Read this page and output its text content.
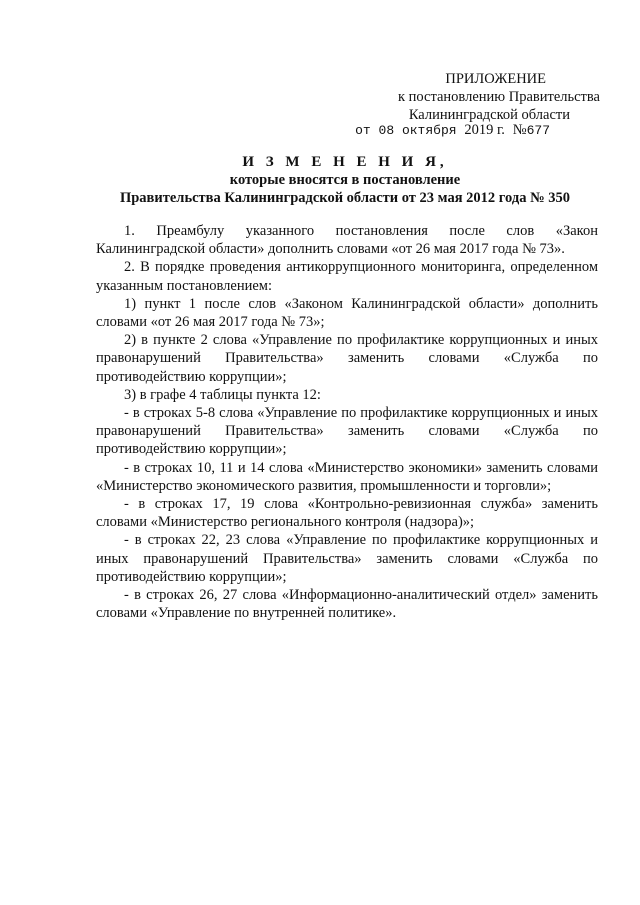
ПРИЛОЖЕНИЕ
к постановлению Правительства
Калининградской области
от 08 октября 2019 г. №677
И З М Е Н Е Н И Я,
которые вносятся в постановление
Правительства Калининградской области от 23 мая 2012 года № 350

1. Преамбулу указанного постановления после слов «Закон Калининградской области» дополнить словами «от 26 мая 2017 года № 73».

2. В порядке проведения антикоррупционного мониторинга, определенном указанным постановлением:

1) пункт 1 после слов «Законом Калининградской области» дополнить словами «от 26 мая 2017 года № 73»;

2) в пункте 2 слова «Управление по профилактике коррупционных и иных правонарушений Правительства» заменить словами «Служба по противодействию коррупции»;

3) в графе 4 таблицы пункта 12:

- в строках 5-8 слова «Управление по профилактике коррупционных и иных правонарушений Правительства» заменить словами «Служба по противодействию коррупции»;

- в строках 10, 11 и 14 слова «Министерство экономики» заменить словами «Министерство экономического развития, промышленности и торговли»;

- в строках 17, 19 слова «Контрольно-ревизионная служба» заменить словами «Министерство регионального контроля (надзора)»;

- в строках 22, 23 слова «Управление по профилактике коррупционных и иных правонарушений Правительства» заменить словами «Служба по противодействию коррупции»;

- в строках 26, 27 слова «Информационно-аналитический отдел» заменить словами «Управление по внутренней политике».
